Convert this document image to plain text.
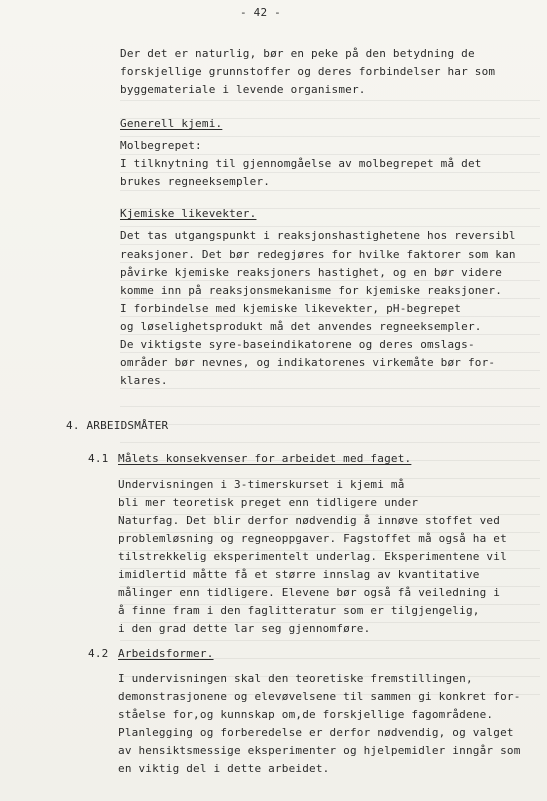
- 42 -
Der det er naturlig, bør en peke på den betydning de
forskjellige grunnstoffer og deres forbindelser har som
byggemateriale i levende organismer.
Generell kjemi.
Molbegrepet:
I tilknytning til gjennomgåelse av molbegrepet må det
brukes regneeksempler.
Kjemiske likevekter.
Det tas utgangspunkt i reaksjonshastighetene hos reversibl
reaksjoner. Det bør redegjøres for hvilke faktorer som kan
påvirke kjemiske reaksjoners hastighet, og en bør videre
komme inn på reaksjonsmekanisme for kjemiske reaksjoner.
I forbindelse med kjemiske likevekter, pH-begrepet
og løselighetsprodukt må det anvendes regneeksempler.
De viktigste syre-baseindikatorene og deres omslags-
områder bør nevnes, og indikatorenes virkemåte bør for-
klares.
4. ARBEIDSMÅTER
4.1 Målets konsekvenser for arbeidet med faget.
Undervisningen i 3-timerskurset i kjemi må
bli mer teoretisk preget enn tidligere under
Naturfag. Det blir derfor nødvendig å innøve stoffet ved
problemløsning og regneoppgaver. Fagstoffet må også ha et
tilstrekkelig eksperimentelt underlag. Eksperimentene vil
imidlertid måtte få et større innslag av kvantitative
målinger enn tidligere. Elevene bør også få veiledning i
å finne fram i den faglitteratur som er tilgjengelig,
i den grad dette lar seg gjennomføre.
4.2 Arbeidsformer.
I undervisningen skal den teoretiske fremstillingen,
demonstrasjonene og elevøvelsene til sammen gi konkret for-
ståelse for,og kunnskap om,de forskjellige fagområdene.
Planlegging og forberedelse er derfor nødvendig, og valget
av hensiktsmessige eksperimenter og hjelpemidler inngår som
en viktig del i dette arbeidet.
